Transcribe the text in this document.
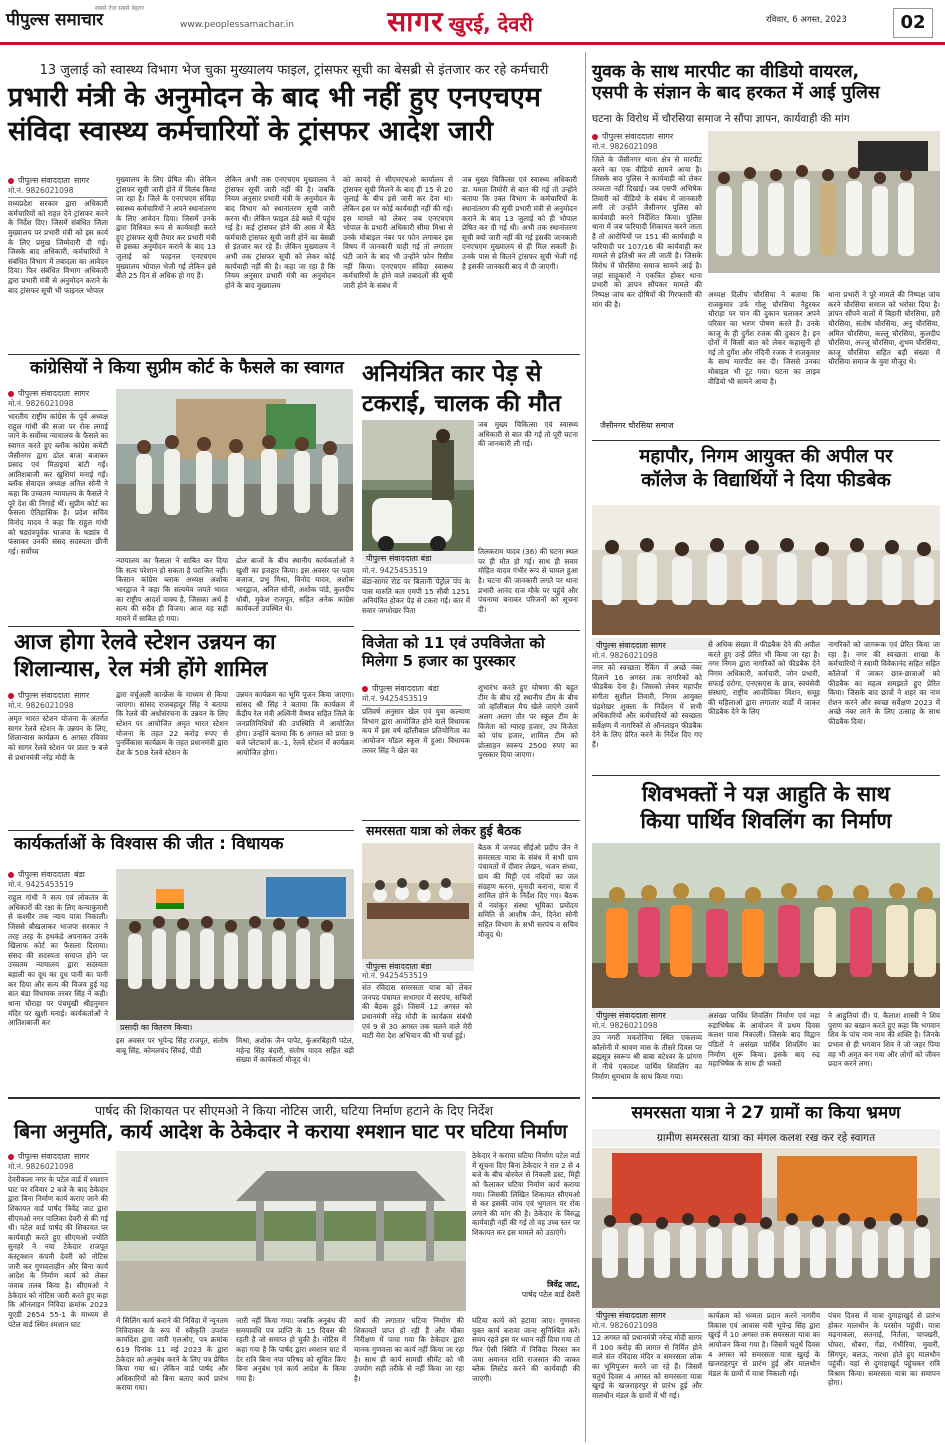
सबसे तेज़ सबसे बेहतर
पीपुल्स समाचार	www.peoplessamachar.in	सागर खुरई, देवरी	रविवार, 6 अगस्त, 2023	02
13 जुलाई को स्वास्थ्य विभाग भेज चुका मुख्यालय फाइल, ट्रांसफर सूची का बेसब्री से इंतजार कर रहे कर्मचारी
प्रभारी मंत्री के अनुमोदन के बाद भी नहीं हुए एनएचएम
संविदा स्वास्थ्य कर्मचारियों के ट्रांसफर आदेश जारी
पीपुल्स संवाददाता सागर
मो.नं. 9826021098
मध्यप्रदेश सरकार द्वारा अधिकारी कर्मचारियों को राहत देने ट्रांसफर करने के निर्देश दिए। जिसमें संबंधित जिला मुख्यालय पर प्रभारी मंत्री को इस कार्य के लिए प्रमुख जिम्मेदारी दी गई। जिसके बाद अधिकारी, कर्मचारियों ने संबंधित विभाग में तबादला का आवेदन दिया। फिर संबंधित विभाग अधिकारी द्वारा प्रभारी मंत्री से अनुमोदन कराने के बाद ट्रांसफर सूची भी फाइनल भोपाल
मुख्यालय के लिए प्रेषित की। लेकिन ट्रांसफर सूची जारी होने में विलंब किया जा रहा है। जिले के एनएचएम संविदा स्वास्थ्य कर्मचारियों ने अपने स्थानांतरण के लिए आवेदन दिया। जिसमें उनके द्वारा विधिवत रूप से कार्यवाही करते हुए ट्रांसफर सूची तैयार कर प्रभारी मंत्री से इसका अनुमोदन कराने के बाद 13 जुलाई को फाइनल एनएचएम मुख्यालय भोपाल भेजी गई लेकिन इसे बीते 25 दिन से अधिक हो गए हैं।
लेकिन अभी तक एनएचएम मुख्यालय ने ट्रांसफर सूची जारी नहीं की है। जबकि नियम अनुसार प्रभारी मंत्री के अनुमोदन के बाद विभाग को स्थानांतरण सूची जारी करना थी। लेकिन फाइल ठंडे बस्ते में पहुंच गई है। कई ट्रांसफर होने की आस में बैठे कर्मचारी ट्रांसफर सूची जारी होने का बेसब्री से इंतजार कर रहे हैं। लेकिन मुख्यालय ने अभी तक ट्रांसफर सूची को लेकर कोई कार्यवाही नहीं की है। कहा जा रहा है कि नियम अनुसार प्रभारी मंत्री का अनुमोदन होने के बाद मुख्यालय
को कायदे से सीएमएचओ कार्यालय से ट्रांसफर सूची मिलने के बाद ही 15 से 20 जुलाई के बीच इसे जारी कर देना था। लेकिन इस पर कोई कार्यवाही नहीं की गई। इस मामले को लेकर जब एनएचएम भोपाल के प्रभारी अधिकारी सीमा मिश्रा से उनके मोबाइल नंबर पर फोन लगाकर इस विषय में जानकारी चाही गई तो लगातार घंटी जाने के बाद भी उन्होंने फोन रिसीव नहीं किया। एनएचएम संविदा स्वास्थ्य कर्मचारियों के होने वाले तबादलों की सूची जारी होने के संबंध में
जब मुख्य चिकित्सा एवं स्वास्थ्य अधिकारी डा. ममता तिमोरी से बात की गई तो उन्होंने बताया कि उक्त विभाग के कर्मचारियों के स्थानांतरण की सूची प्रभारी मंत्री से अनुमोदन कराने के बाद 13 जुलाई को ही भोपाल प्रेषित कर दी गई थी। अभी तक स्थानांतरण सूची क्यों जारी नहीं की गई इसकी जानकारी एनएचएम मुख्यालय से ही मिल सकती है। उनके पास से कितने ट्रांसफर सूची भेजी गई है इसकी जानकारी बाद में दी जाएगी।
कांग्रेसियों ने किया सुप्रीम कोर्ट के फैसले का स्वागत
पीपुल्स संवाददाता सागर
मो.नं. 9826021098
भारतीय राष्ट्रीय कांग्रेस के पूर्व अध्यक्ष राहुल गांधी की सजा पर रोक लगाई जाने के सर्वोच्च न्यायालय के फैसले का स्वागत करते हुए ब्लॉक कांग्रेस कमेटी जैसीनगर द्वारा ढोल बाजा बजाकर प्रसाद एवं मिठाइयां बांटी गईं। आतिशबाजी कर खुशियां मनाई गईं। ब्लॉक सेवादल अध्यक्ष अनिल सोनी ने कहा कि उच्चतम न्यायालय के फैसले ने पूरे देश की निगाहें थीं। सुप्रीम कोर्ट का फैसला ऐतिहासिक है। प्रदेश सचिव विनोद यादव ने कहा कि राहुल गांधी को षड्यंत्रपूर्वक भाजपा के षड्यंत्र में फंसाकर उनकी संसद सदस्यता छीनी गई। सर्वोच्च
न्यायालय का फैसला ने साबित कर दिया कि सत्य परेशान हो सकता है पराजित नहीं। किसान कांग्रेस ब्लाक अध्यक्ष अशोक भारद्वाज ने कहा कि सत्यमेव जयते भारत का राष्ट्रीय आदर्श वाक्य है, जिसका अर्थ है सत्य की सदैव ही विजय। आज यह सही मायने में साबित हो गया।
ढोल बाजों के बीच स्थानीय कार्यकर्ताओं ने खुशी का इजहार किया। इस अवसर पर पदम बजाज, प्रभु मिश्रा, विनोद यादव, अशोक भारद्वाज, अनिल सोनी, अशोक पांडे, कुलदीप धोबी, मुकेश राजपूत, सहित अनेक कांग्रेस कार्यकर्ता उपस्थित थे।
अनियंत्रित कार पेड़ से
टकराई, चालक की मौत
पीपुल्स संवाददाता बंडा
जब मुख्य चिकित्सा एवं स्वास्थ्य अधिकारी से बात की गई तो पूरी घटना की जानकारी ली गई।
मो.नं. 9425453519
बंडा-सागर रोड पर बिलानी पेट्रोल पंप के पास मारुति कार एमपी 15 सीबी 1251 अनियंत्रित होकर पेड़ से टकरा गई। कार में सवार जगशेखर पिता
तिलकराम यादव (36) की घटना स्थल पर ही मौत हो गई। साथ ही सवार मोहित यादव गंभीर रूप से घायल हुआ है। घटना की जानकारी लगते पर थाना प्रभारी आनंद राज मौके पर पहुंचे और पंचनामा बनाकर परिजनों को सूचना दी।
आज होगा रेलवे स्टेशन उन्नयन का
शिलान्यास, रेल मंत्री होंगे शामिल
पीपुल्स संवाददाता सागर
मो.नं. 9826021098
अमृत भारत स्टेशन योजना के अंतर्गत सागर रेलवे स्टेशन के उन्नयन के लिए, शिलान्यास कार्यक्रम 6 अगस्त रविवार को सागर रेलवे स्टेशन पर प्रातः 9 बजे से प्रधानमंत्री नरेंद्र मोदी के
द्वारा वर्चुअली कान्फ्रेंस के माध्यम से किया जाएगा। सांसद राजबहादुर सिंह ने बताया कि रेलवे की अधोसंरचना के उन्नयन के लिए स्टेशन पर आयोजित अमृत भारत स्टेशन योजना के तहत 22 करोड़ रुपए से पुनर्विकास कार्यक्रम के तहत प्रधानमंत्री द्वारा देश के 508 रेलवे स्टेशन के
उन्नयन कार्यक्रम का भूमि पूजन किया जाएगा। सांसद श्री सिंह ने बताया कि कार्यक्रम में केंद्रीय रेल मंत्री अश्विनी वैष्णव सहित जिले के जनप्रतिनिधियों की उपस्थिति में आयोजित होगा। उन्होंने बताया कि 6 अगस्त को प्रातः 9 बजे प्लेटफार्म क्र.-1, रेलवे स्टेशन में कार्यक्रम आयोजित होगा।
विजेता को 11 एवं उपविजेता को
मिलेगा 5 हजार का पुरस्कार
पीपुल्स संवाददाता बंडा
मो.नं. 9425453519
प्रतिवर्ष अनुसार खेल एवं युवा कल्याण विभाग द्वारा आयोजित होने वाले विधायक कप में इस वर्ष व्हॉलीबाल प्रतियोगिता का आयोजन मॉडल स्कूल में हुआ। विधायक तरवर सिंह ने खेल का
शुभारंभ करते हुए घोषणा की बहुत टीम के बीच रहें स्थानीय टीम के बीच जो व्हॉलीबाल मैच खेले जाएंगे उसमें अलग अलग तौर पर स्कूल टीम के विजेता को ग्यारह हजार, उप विजेता को पांच हजार, शामिल टीम को प्रोत्साहन स्वरूप 2500 रुपए का पुरस्कार दिया जाएगा।
समरसता यात्रा को लेकर हुई बैठक
पीपुल्स संवाददाता बंडा
मो.नं. 9425453519
संत रविदास समरसता यात्रा को लेकर जनपद पंचायत सभागार में सरपंच, सचिवों की बैठक हुई। जिसमें 12 अगस्त को प्रधानमंत्री नरेंद्र मोदी के कार्यक्रम संबंधी एवं 9 से 30 अगस्त तक चलने वाले मेरी माटी मेरा देश अभियान की भी चर्चा हुई।
बैठक में जनपद सीईओ प्रदीप जैन ने समरसता यात्रा के संबंध में सभी ग्राम पंचायतों में दीवार लेखन, भजन संध्या, ग्राम की मिट्टी एवं नदियों का जल संग्रहण करना, मुनादी कराना, यात्रा में शामिल होने के निर्देश दिए गए। बैठक में नवांकुर संस्था भूमिका प्रमोदय समिति से आशीष जैन, दिनेश सोनी सहित विभाग के सभी सरपंच व सचिव मौजूद थे।
कार्यकर्ताओं के विश्वास की जीत : विधायक
पीपुल्स संवाददाता बंडा
मो.नं. 9425453519
राहुल गांधी ने सत्य एवं लोकतंत्र के अधिकारों की रक्षा के लिए कन्याकुमारी से कश्मीर तक न्याय यात्रा निकाली। जिससे बौखलाकर भाजपा सरकार ने तरह तरह के हथकंडे अपनाकर उनके खिलाफ कोर्ट का फैसला दिलाया। संसद की सदस्यता समाप्त होने पर उच्चतम न्यायालय द्वारा सदस्यता बहाली का दूध का दूध पानी का पानी कर दिया और सत्य की विजय हुई यह बात बंडा विधायक तरवर सिंह ने कही। थाना चौराहा पर पंचमुखी श्रीहनुमान मंदिर पर खुशी मनाई। कार्यकर्ताओं ने आतिशबाजी कर
प्रसादी का वितरण किया।
इस अवसर पर भूपेन्द्र सिंह राजपूत, संतोष बाबू सिंह, कोमलचंद सिंघई, पीडी
मिश्रा, अशोक जैन पापेट, कुंअरबिहारी पटेल, महेन्द्र सिंह बंदारी, संतोष यादव सहित बड़ी संख्या में कार्यकर्ता मौजूद थे।
पार्षद की शिकायत पर सीएमओ ने किया नोटिस जारी, घटिया निर्माण हटाने के दिए निर्देश
बिना अनुमति, कार्य आदेश के ठेकेदार ने कराया श्मशान घाट पर घटिया निर्माण
पीपुल्स संवाददाता सागर
मो.नं. 9826021098
देवरीकला नगर के पटेल वार्ड में श्मशान घाट पर रविवार 2 बजे के बाद ठेकेदार द्वारा बिना निर्माण कार्य कराए जाने की शिकायत वार्ड पार्षद त्रिवेंद्र जाट द्वारा सीएमओ नगर पालिका देवरी से की गई थी। पटेल वार्ड पार्षद की शिकायत पर कार्यवाही करते हुए सीएमओ ज्योति सुनहरे ने नया टेकेदार राजपूत कंस्ट्रक्शन कंपनी देवरी को नोटिस जारी कर गुणवत्ताहीन और बिना कार्य आदेश के निर्माण कार्य को लेकर जवाब तलब किया है। सीएमओ ने ठेकेदार को नोटिस जारी करते हुए कहा कि ऑनलाइन निविदा क्रमांक 2023 यूएडी 2654 55-1 के माध्यम से पटेल वार्ड स्थित श्मशान घाट	में सिलिंग कार्य कराने की निविदा में न्यूनतम निविदाकार के रूप में स्वीकृति उपरांत कार्यादेश द्वारा जारी एलओए, पत्र क्रमांक 619 दिनांक 11 मई 2023 के द्वारा ठेकेदार को अनुबंध करने के लिए पत्र प्रेषित किया गया था। लेकिन वार्ड पार्षद और अधिकारियों को बिना बताए कार्य प्रारंभ कराया गया।
जारी नहीं किया गया। जबकि अनुबंध की समयावधि पत्र प्राप्ति के 15 दिवस की रहती है जो समाप्त हो चुकी है। नोटिस में कहा गया है कि पार्षद द्वारा श्मशान घाट में देर रात्रि बिना नपा परिषद को सूचित किए बिना अनुबंध एवं कार्य आदेश के किया गया है।
कार्य की लगातार घटिया निर्माण की शिकायतें प्राप्त हो रही हैं और मौका निरीक्षण में पाया गया कि ठेकेदार द्वारा मानक गुणवत्ता का कार्य नहीं किया जा रहा है। साथ ही कार्य सामग्री सीमेंट को भी उपयोग सही तरीके से नहीं किया जा रहा है।
ठेकेदार ने कराया घटिया निर्माण पटेल वार्ड में सूचना दिए बिना ठेकेदार ने रात 2 से 4 बजे के बीच बोरवेल से निकली डस्ट, मिट्टी को फैलाकर घटिया निर्माण कार्य कराया गया। जिसकी लिखित शिकायत सीएमओ से कर इसकी जांच एवं भुगतान पर रोक लगाने की मांग की है। ठेकेदार के विरुद्ध कार्यवाही नहीं की गई तो वह उच्च स्तर पर शिकायत कर इस मामले को उठाएंगे।
त्रिवेंद्र जाट,
पार्षद पटेल वार्ड देवरी
घटिया कार्य को हटाया जाए। गुणवत्ता युक्त कार्य कराया जाना सुनिश्चित करें। समय रहते इस पर ध्यान नहीं दिया गया तो फिर ऐसी स्थिति में निविदा निरस्त कर जमा अमानत राशि राजसात की जाकर ब्लैक लिस्टेड करने की कार्यवाही की जाएगी।
युवक के साथ मारपीट का वीडियो वायरल,
एसपी के संज्ञान के बाद हरकत में आई पुलिस
घटना के विरोध में चौरसिया समाज ने सौंपा ज्ञापन, कार्यवाही की मांग
पीपुल्स संवाददाता सागर
मो.नं. 9826021098
जिले के जैसीनगर थाना क्षेत्र से मारपीट करने का एक वीडियो सामने आया है। जिसके बाद पुलिस ने कार्यवाही को लेकर तत्परता नहीं दिखाई। जब एसपी अभिषेक तिवारी को वीडियो के संबंध में जानकारी लगी तो उन्होंने जैसीनगर पुलिस को कार्यवाही करने निर्देशित किया। पुलिस थाना में जब फरियादी शिकायत करने जाता है तो आरोपियों पर 151 की कार्यवाही व फरियादी पर 107/16 की कार्यवाही कर मामले से इतिश्री कर ली जाती है। जिसके विरोध में चौरसिया समाज सामने आई है। जहां साहूकारों ने एकत्रित होकर थाना प्रभारी को ज्ञापन सौंपकर मामले की निष्पक्ष जांच कर दोषियों की गिरफ्तारी की मांग की है।
जैसीनगर चौरसिया समाज
अध्यक्ष दिलीप चौरसिया ने बताया कि राजकुमार उर्फ गोलू चौरसिया नैहुरकर चौराहा पर पान की दुकान चलाकर अपने परिवार का भरण पोषण करते हैं। उनके काजू के ही दुर्गेश रजक की दुकान है। इन दोनों में किसी बात को लेकर कहासुनी हो गई तो दुर्गेश और नंदिनी रजक ने राजकुमार के साथ मारपीट कर दी। जिससे उनका मोबाइल भी टूट गया। घटना का लाइव वीडियो भी सामने आया है।
थाना प्रभारी ने पूरे मामले की निष्पक्ष जांच करने चौरसिया समाज को भरोसा दिया है। ज्ञापन सौंपने वालों में बिहारी चौरसिया, हरी चौरसिया, संतोष चौरसिया, अनु चौरसिया, अमित चौरसिया, कल्लू चौरसिया, कुलदीप चौरसिया, अज्जू चौरसिया, शुभम चौरसिया, काजू चौरसिया सहित बड़ी संख्या में चौरसिया समाज के युवा मौजूद थे।
महापौर, निगम आयुक्त की अपील पर
कॉलेज के विद्यार्थियों ने दिया फीडबेक
पीपुल्स संवाददाता सागर
मो.नं. 9826021098
नगर को स्वच्छता रैंकिंग में अच्छे नंबर दिलाने 16 अगस्त तक नागरिकों को फीडबैक देना है। जिसको लेकर महापौर संगीता सुशील तिवारी, निगम आयुक्त चंद्रशेखर शुक्ला के निर्देशन में सभी अधिकारियों और कर्मचारियों को स्वच्छता सर्वेक्षण में नागरिकों से ऑनलाइन फीडबैक देने के लिए प्रेरित करने के निर्देश दिए गए हैं।
से अधिक संख्या में फीडबैक देने की अपील करते हुए उन्हें प्रेरित भी किया जा रहा है। नगर निगम द्वारा नागरिकों को फीडबैक देने निगम अधिकारी, कर्मचारी, जोन प्रभारी, सफाई दरोगा, एनएसएस के छात्र, स्वयंसेवी संस्थाएं, राष्ट्रीय आजीविका मिशन, समूह की महिलाओं द्वारा लगातार वार्डों में जाकर फीडबैक देने के लिए
नागरिकों को जागरूक एवं प्रेरित किया जा रहा है। नगर की स्वच्छता शाखा के कर्मचारियों ने स्वामी विवेकानंद सहित सहित कॉलेजों में जाकर छात्र-छात्राओं को फीडबैक का महत्व समझाते हुए प्रेरित किया। जिसके बाद छात्रों ने शहर का नाम रोशन करने और स्वच्छ सर्वेक्षण 2023 में अच्छे नंबर लाने के लिए उत्साह के साथ फीडबैक दिया।
शिवभक्तों ने यज्ञ आहुति के साथ
किया पार्थिव शिवलिंग का निर्माण
पीपुल्स संवाददाता सागर
मो.नं. 9826021098
उप नगरी मकरोनिया स्थित एकलव्य कॉलोनी में श्रावण मास के तीसरे दिवस पर ब्रह्मसूत्र स्वरूप श्री बाबा बटेश्वर के प्रांगण में नीचे एकादश पार्थिव शिवलिंग का निर्माण धूमधाम के साथ किया गया।
असंख्य पार्थिव शिवलिंग निर्माण एवं महा रुद्राभिषेक के आयोजन में प्रथम दिवस कलश यात्रा निकाली। जिसके बाद विद्वान पंडितों ने असंख्य पार्थिव शिवलिंग का निर्माण शुरू किया। इसके बाद रुद्र महाभिषेक के साथ ही भक्तों
ने आहुतियां दीं। पं. कैलाश शास्त्री ने शिव पुराण का बखान करते हुए कहा कि भगवान शिव के पांच नाम नाम की शक्ति है। जिनके प्रभाव से ही भगवान शिव ने जो जहर पिया वह भी अमृत बन गया और लोगों को जीवन प्रदान करने लगा।
समरसता यात्रा ने 27 ग्रामों का किया भ्रमण
ग्रामीण समरसता यात्रा का मंगल कलश रख कर रहे स्वागत
पीपुल्स संवाददाता सागर
मो.नं. 9826021098
12 अगस्त को प्रधानमंत्री नरेन्द्र मोदी सागर में 100 करोड़ की लागत से निर्मित होने वाले संत रविदास मंदिर व समरसता लोक का भूमिपूजन करने जा रहे हैं। जिसमें चतुर्थ दिवस 4 अगस्त को समरसता यात्रा खुरई के खजराहरपुर से प्रारंभ हुई और मालथौन मंडल के ग्रामों में भी गई।
कार्यक्रम को भव्यता प्रदान करने नागरीय विकास एवं आवास मंत्री भूपेन्द्र सिंह द्वारा खुरई में 10 अगस्त तक समरसता यात्रा का आयोजन किया गया है। जिसमें चतुर्थ दिवस 4 अगस्त को समरसता यात्रा खुरई के खजराहरपुर से प्रारंभ हुई और मालथौन मंडल के ग्रामों में यात्रा निकाली गई।
पंचम दिवस में यात्रा दुगाहाखुर्द से प्रारंभ होकर मालथौन के परसोन पहुंची। यात्रा मढ़नाकला, सतनाई, निर्तला, चापखरी, घोघरा, धौबरा, गेंडा, गंभीरिया, मुवारी, सिंगपुर, बलऊ, नारधा होते हुए मालथौन पहुंची। यहां से दुगाहाखुर्द पहुंचकर रात्रि विश्राम किया। समरसता यात्रा का समापन होगा।
